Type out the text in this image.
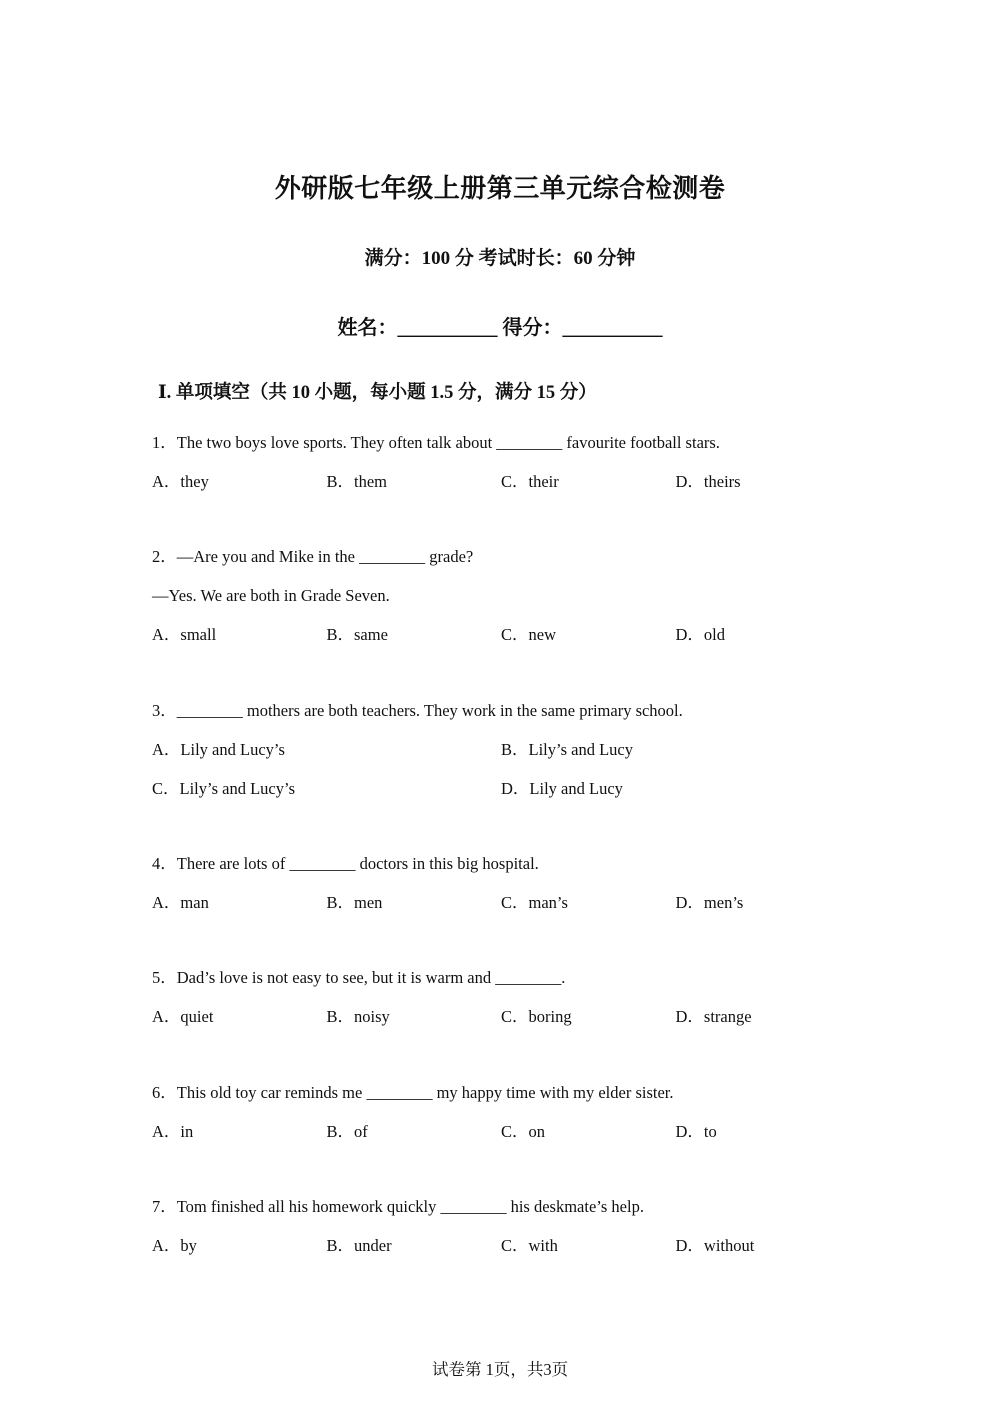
外研版七年级上册第三单元综合检测卷
满分：100 分 考试时长：60 分钟
姓名：__________ 得分：__________
Ⅰ. 单项填空（共 10 小题，每小题 1.5 分，满分 15 分）
1．The two boys love sports. They often talk about ________ favourite football stars.
A．they	B．them	C．their	D．theirs
2．—Are you and Mike in the ________ grade?
—Yes. We are both in Grade Seven.
A．small	B．same	C．new	D．old
3．________ mothers are both teachers. They work in the same primary school.
A．Lily and Lucy’s	B．Lily’s and Lucy
C．Lily’s and Lucy’s	D．Lily and Lucy
4．There are lots of ________ doctors in this big hospital.
A．man	B．men	C．man’s	D．men’s
5．Dad’s love is not easy to see, but it is warm and ________.
A．quiet	B．noisy	C．boring	D．strange
6．This old toy car reminds me ________ my happy time with my elder sister.
A．in	B．of	C．on	D．to
7．Tom finished all his homework quickly ________ his deskmate’s help.
A．by	B．under	C．with	D．without
试卷第 1页，共3页
